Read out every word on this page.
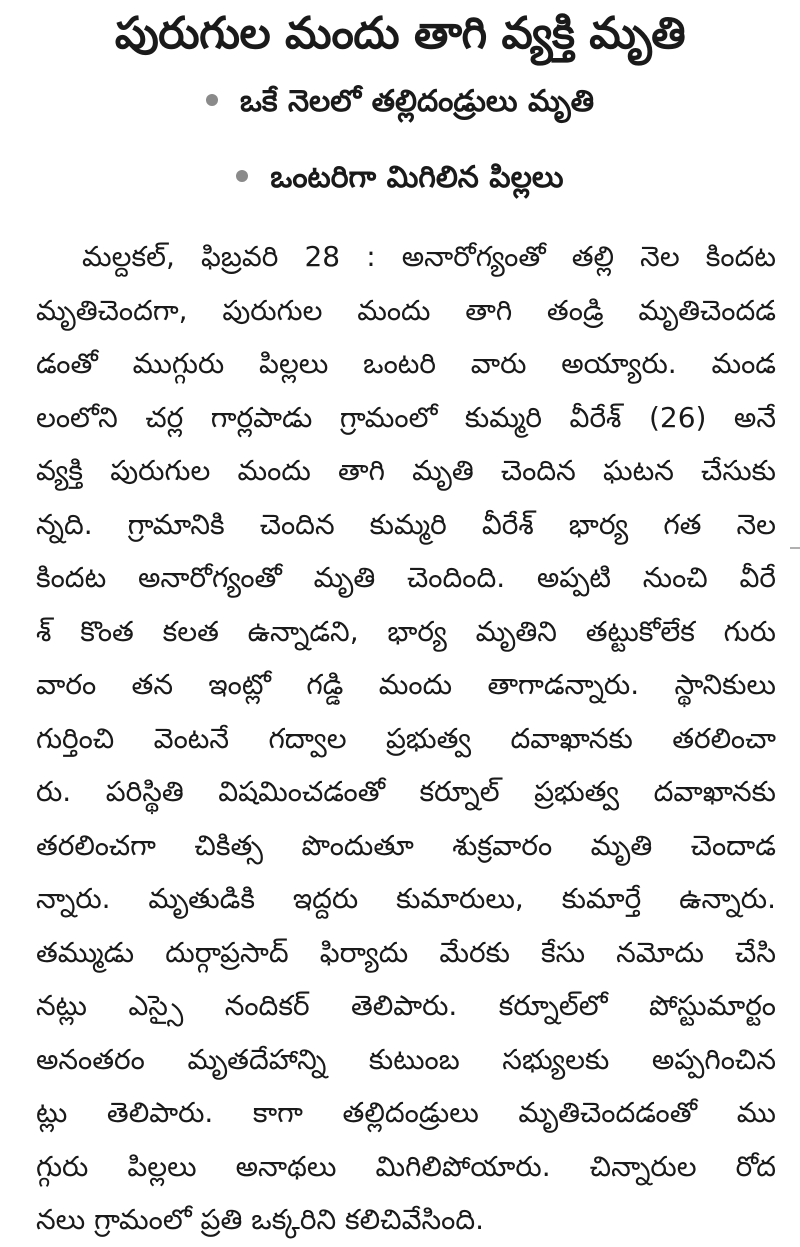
పురుగుల మందు తాగి వ్యక్తి మృతి
ఒకే నెలలో తల్లిదండ్రులు మృతి
ఒంటరిగా మిగిలిన పిల్లలు
మల్దకల్, ఫిబ్రవరి 28 : అనారోగ్యంతో తల్లి నెల కిందట
మృతిచెందగా, పురుగుల మందు తాగి తండ్రి మృతిచెందడ
డంతో ముగ్గురు పిల్లలు ఒంటరి వారు అయ్యారు. మండ
లంలోని చర్ల గార్లపాడు గ్రామంలో కుమ్మరి వీరేశ్ (26) అనే
వ్యక్తి పురుగుల మందు తాగి మృతి చెందిన ఘటన చేసుకు
న్నది. గ్రామానికి చెందిన కుమ్మరి వీరేశ్ భార్య గత నెల
కిందట అనారోగ్యంతో మృతి చెందింది. అప్పటి నుంచి వీరే
శ్ కొంత కలత ఉన్నాడని, భార్య మృతిని తట్టుకోలేక గురు
వారం తన ఇంట్లో గడ్డి మందు తాగాడన్నారు. స్థానికులు
గుర్తించి వెంటనే గద్వాల ప్రభుత్వ దవాఖానకు తరలించా
రు. పరిస్థితి విషమించడంతో కర్నూల్ ప్రభుత్వ దవాఖానకు
తరలించగా చికిత్స పొందుతూ శుక్రవారం మృతి చెందాడ
న్నారు. మృతుడికి ఇద్దరు కుమారులు, కుమార్తే ఉన్నారు.
తమ్ముడు దుర్గాప్రసాద్ ఫిర్యాదు మేరకు కేసు నమోదు చేసి
నట్లు ఎస్సై నందికర్ తెలిపారు. కర్నూల్‌లో పోస్టుమార్టం
అనంతరం మృతదేహాన్ని కుటుంబ సభ్యులకు అప్పగించిన
ట్లు తెలిపారు. కాగా తల్లిదండ్రులు మృతిచెందడంతో ము
గ్గురు పిల్లలు అనాథలు మిగిలిపోయారు. చిన్నారుల రోద
నలు గ్రామంలో ప్రతి ఒక్కరిని కలిచివేసింది.
